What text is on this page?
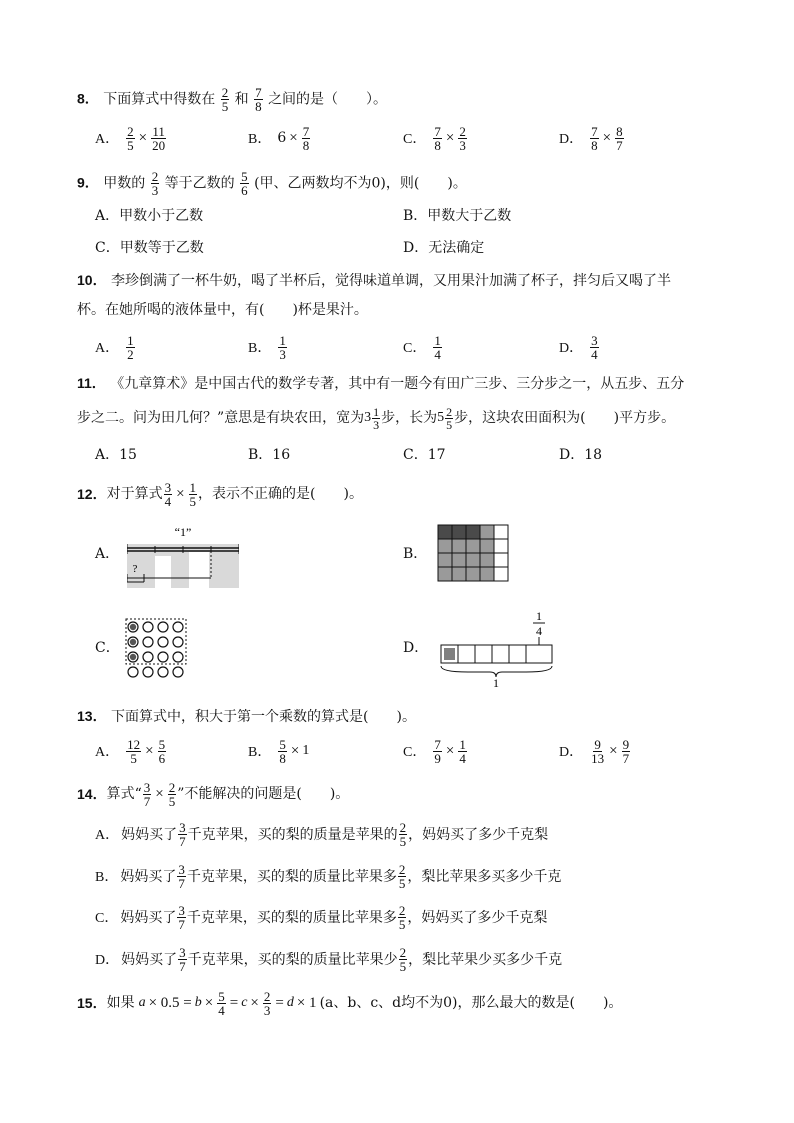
8． 下面算式中得数在 $\frac{2}{5}$ 和 $\frac{7}{8}$ 之间的是（　　）。
A． $\frac{2}{5} \times \frac{11}{20}$	B． $6 \times \frac{7}{8}$	C． $\frac{7}{8} \times \frac{2}{3}$	D． $\frac{7}{8} \times \frac{8}{7}$
9． 甲数的 $\frac{2}{3}$ 等于乙数的 $\frac{5}{6}$ (甲、乙两数均不为0)，则(　　)。
A．甲数小于乙数	B．甲数大于乙数
C．甲数等于乙数	D．无法确定
10． 李珍倒满了一杯牛奶，喝了半杯后，觉得味道单调，又用果汁加满了杯子，拌匀后又喝了半
杯。在她所喝的液体量中，有(　　)杯是果汁。
A． $\frac{1}{2}$	B． $\frac{1}{3}$	C． $\frac{1}{4}$	D． $\frac{3}{4}$
11． 《九章算术》是中国古代的数学专著，其中有一题今有田广三步、三分步之一，从五步、五分
步之二。问为田几何？”意思是有块农田，宽为 $3 \frac{1}{3}$ 步，长为 $5 \frac{2}{5}$ 步，这块农田面积为(　　)平方步。
A．15	B．16	C．17	D．18
12． 对于算式 $\frac{3}{4} \times \frac{1}{5}$ ，表示不正确的是(　　)。
A．
“1”
?
B．
C．	D．
1
4
1
13． 下面算式中，积大于第一个乘数的算式是(　　)。
A． $\frac{12}{5} \times \frac{5}{6}$	B． $\frac{5}{8} \times 1$	C． $\frac{7}{9} \times \frac{1}{4}$	D． $\frac{9}{13} \times \frac{9}{7}$
14． 算式“ $\frac{3}{7} \times \frac{2}{5}$ ”不能解决的问题是(　　)。
A． 妈妈买了 $\frac{3}{7}$ 千克苹果，买的梨的质量是苹果的 $\frac{2}{5}$ ，妈妈买了多少千克梨
B． 妈妈买了 $\frac{3}{7}$ 千克苹果，买的梨的质量比苹果多 $\frac{2}{5}$ ，梨比苹果多买多少千克
C． 妈妈买了 $\frac{3}{7}$ 千克苹果，买的梨的质量比苹果多 $\frac{2}{5}$ ，妈妈买了多少千克梨
D． 妈妈买了 $\frac{3}{7}$ 千克苹果，买的梨的质量比苹果少 $\frac{2}{5}$ ，梨比苹果少买多少千克
15． 如果 $a \times 0.5 = b \times \frac{5}{4} = c \times \frac{2}{3} = d \times 1$ (a、b、c、d均不为0)，那么最大的数是(　　)。
